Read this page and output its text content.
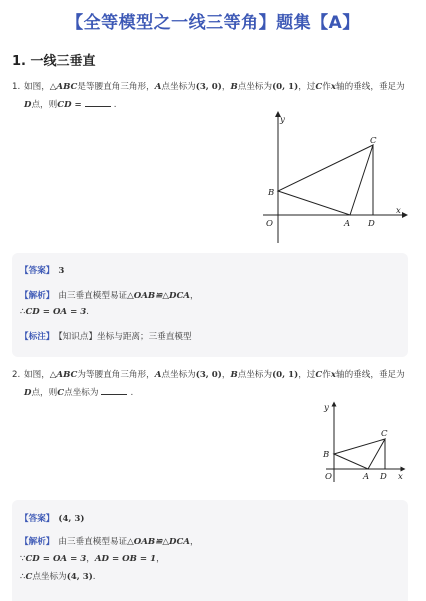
【全等模型之一线三等角】题集【A】
1. 一线三垂直
1. 如图，△ABC是等腰直角三角形，A点坐标为(3, 0)，B点坐标为(0, 1)，过C作x轴的垂线，垂足为
D点，则CD =	.
y
x
O
B
A D
C
【答案】 3
【解析】 由三垂直模型易证△OAB≌△DCA，
∴CD = OA = 3.
【标注】 【知识点】坐标与距离；三垂直模型
2. 如图，△ABC为等腰直角三角形，A点坐标为(3, 0)，B点坐标为(0, 1)，过C作x轴的垂线，垂足为
D点，则C点坐标为	.
y
x
O
B
A D
C
【答案】 (4, 3)
【解析】 由三垂直模型易证△OAB≌△DCA，
∵CD = OA = 3，AD = OB = 1，
∴C点坐标为(4, 3).
